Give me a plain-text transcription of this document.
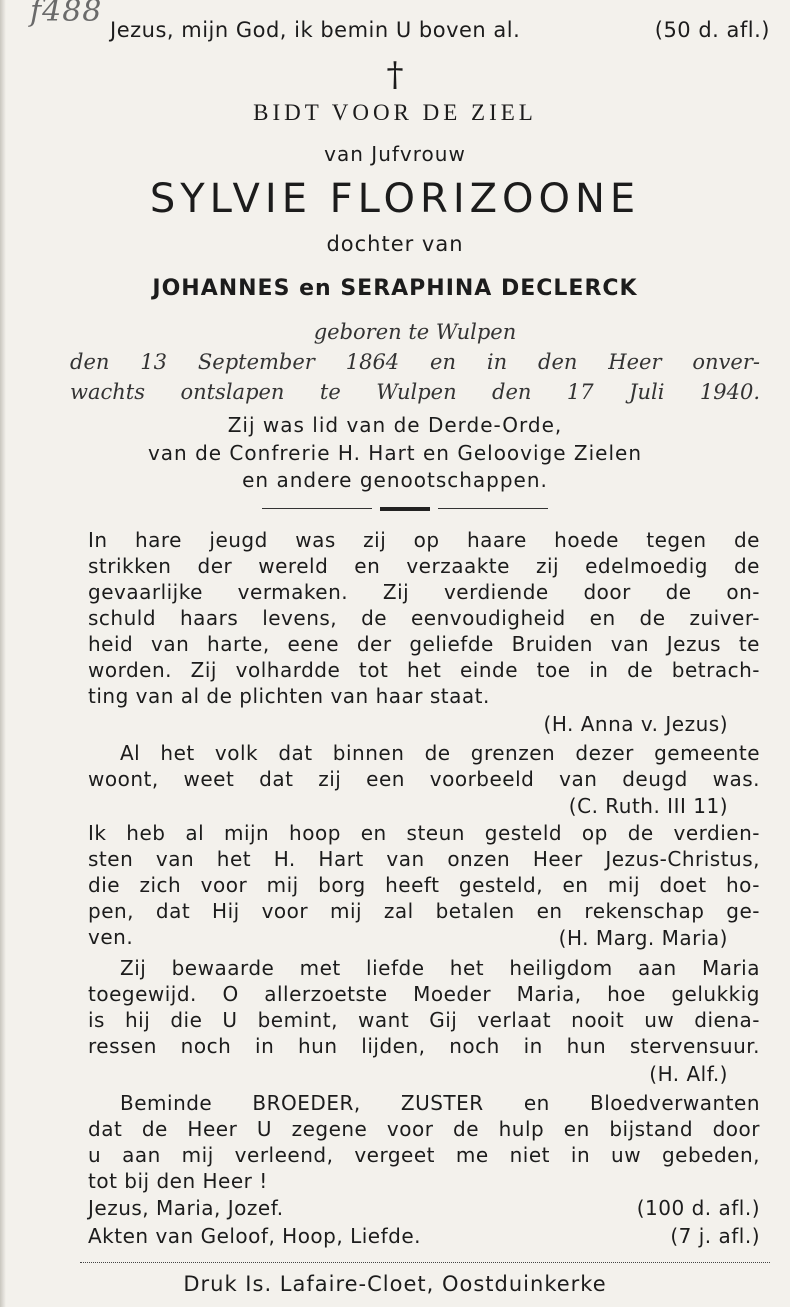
f488
Jezus, mijn God, ik bemin U boven al.	(50 d. afl.)
†
BIDT VOOR DE ZIEL
van Jufvrouw
SYLVIE FLORIZOONE
dochter van
JOHANNES en SERAPHINA DECLERCK
geboren te Wulpen
den 13 September 1864 en in den Heer onver-
wachts ontslapen te Wulpen den 17 Juli 1940.
Zij was lid van de Derde-Orde,
van de Confrerie H. Hart en Geloovige Zielen
en andere genootschappen.
In hare jeugd was zij op haare hoede tegen de
strikken der wereld en verzaakte zij edelmoedig de
gevaarlijke vermaken. Zij verdiende door de on-
schuld haars levens, de eenvoudigheid en de zuiver-
heid van harte, eene der geliefde Bruiden van Jezus te
worden. Zij volhardde tot het einde toe in de betrach-
ting van al de plichten van haar staat.
(H. Anna v. Jezus)
Al het volk dat binnen de grenzen dezer gemeente
woont, weet dat zij een voorbeeld van deugd was.
(C. Ruth. III 11)
Ik heb al mijn hoop en steun gesteld op de verdien-
sten van het H. Hart van onzen Heer Jezus-Christus,
die zich voor mij borg heeft gesteld, en mij doet ho-
pen, dat Hij voor mij zal betalen en rekenschap ge-
ven.	(H. Marg. Maria)
Zij bewaarde met liefde het heiligdom aan Maria
toegewijd. O allerzoetste Moeder Maria, hoe gelukkig
is hij die U bemint, want Gij verlaat nooit uw diena-
ressen noch in hun lijden, noch in hun stervensuur.
(H. Alf.)
Beminde BROEDER, ZUSTER en Bloedverwanten
dat de Heer U zegene voor de hulp en bijstand door
u aan mij verleend, vergeet me niet in uw gebeden,
tot bij den Heer !
Jezus, Maria, Jozef.	(100 d. afl.)
Akten van Geloof, Hoop, Liefde.	(7 j. afl.)
Druk Is. Lafaire-Cloet, Oostduinkerke
